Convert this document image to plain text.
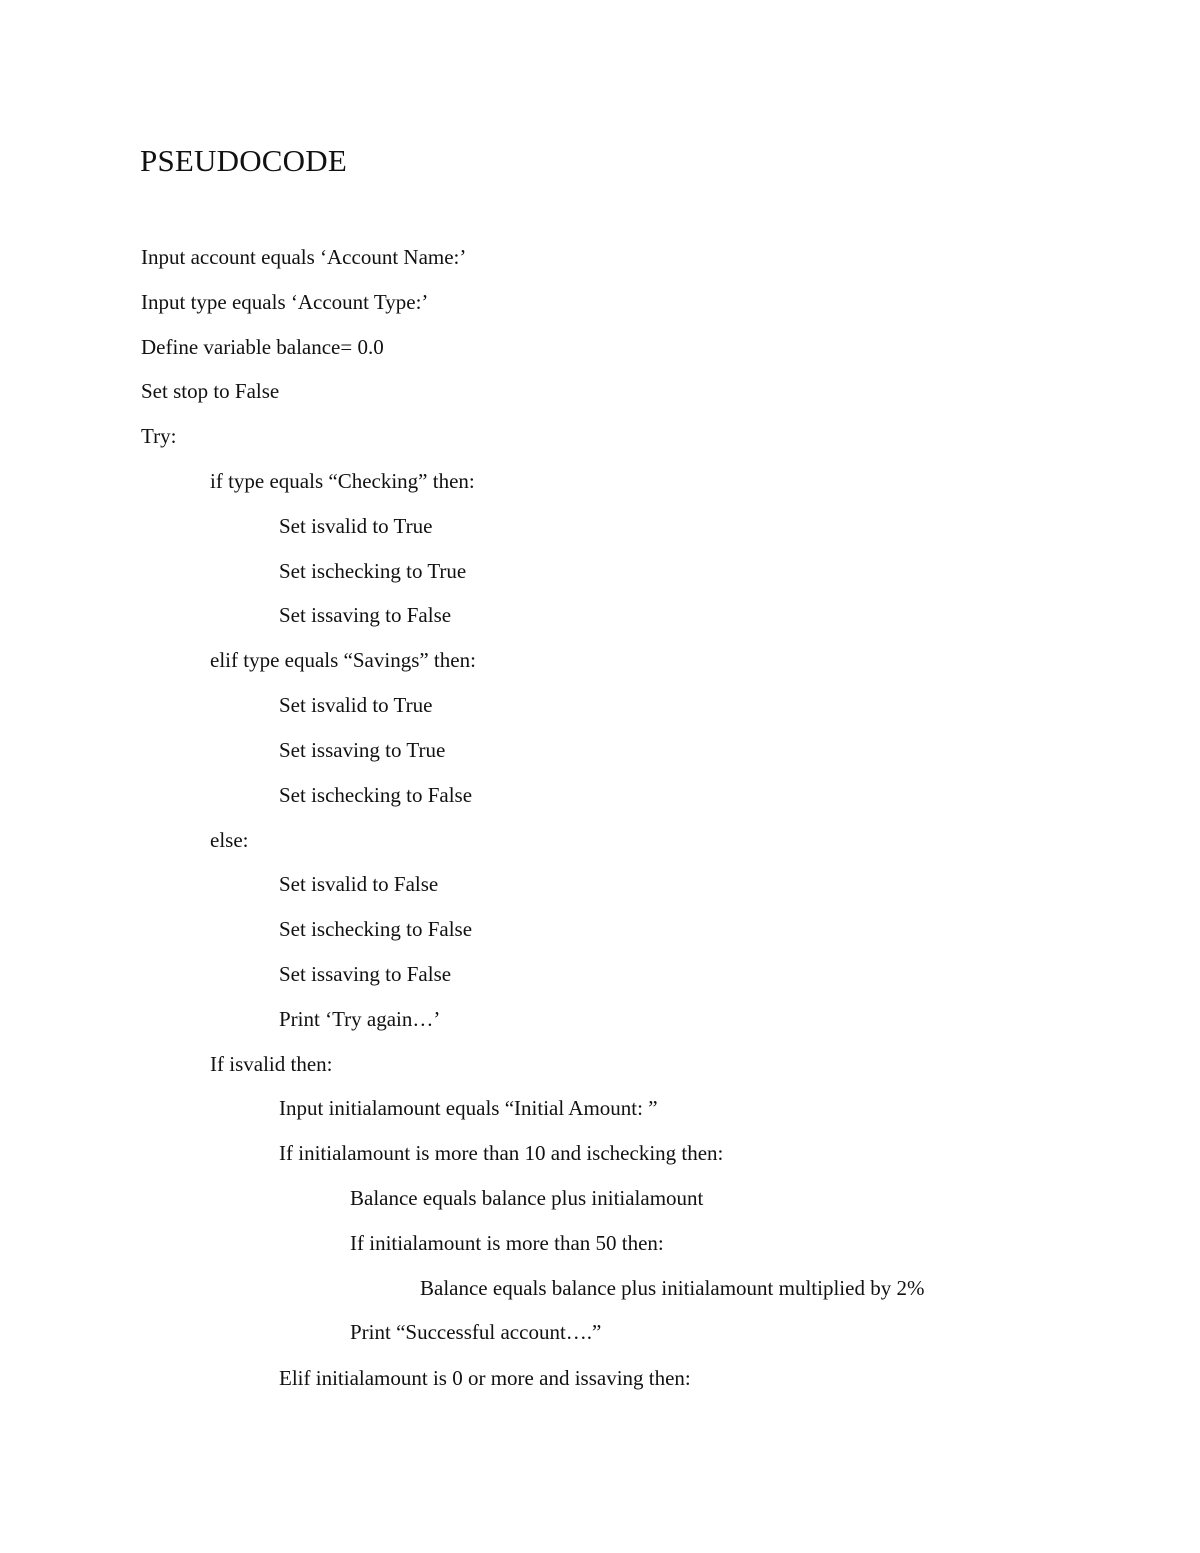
PSEUDOCODE
Input account equals ‘Account Name:’
Input type equals ‘Account Type:’
Define variable balance= 0.0
Set stop to False
Try:
if type equals “Checking” then:
Set isvalid to True
Set ischecking to True
Set issaving to False
elif type equals “Savings” then:
Set isvalid to True
Set issaving to True
Set ischecking to False
else:
Set isvalid to False
Set ischecking to False
Set issaving to False
Print ‘Try again…’
If isvalid then:
Input initialamount equals “Initial Amount: ”
If initialamount is more than 10 and ischecking then:
Balance equals balance plus initialamount
If initialamount is more than 50 then:
Balance equals balance plus initialamount multiplied by 2%
Print “Successful account….”
Elif initialamount is 0 or more and issaving then:
